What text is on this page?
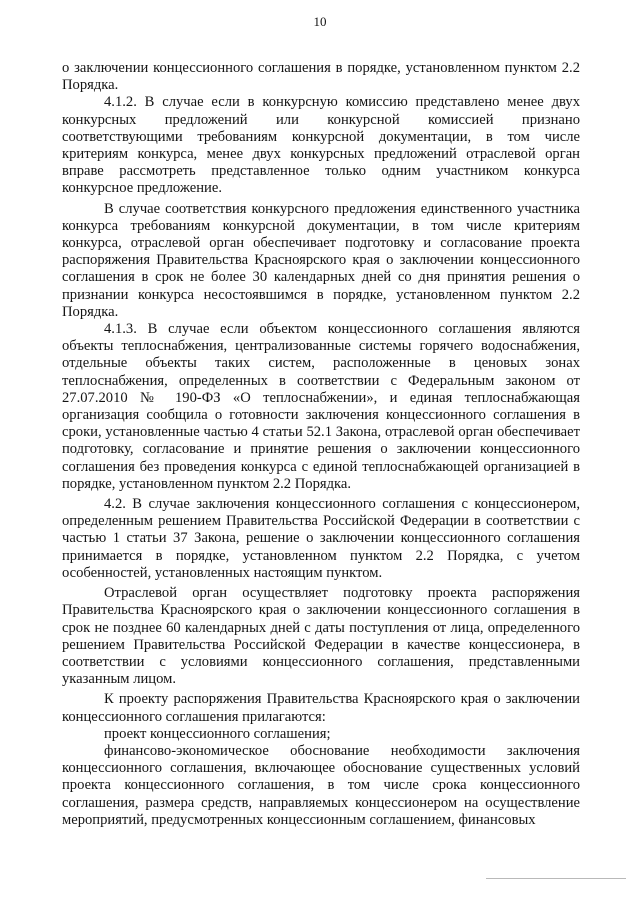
10

о заключении концессионного соглашения в порядке, установленном пунктом 2.2 Порядка.

4.1.2. В случае если в конкурсную комиссию представлено менее двух конкурсных предложений или конкурсной комиссией признано соответствующими требованиям конкурсной документации, в том числе критериям конкурса, менее двух конкурсных предложений отраслевой орган вправе рассмотреть представленное только одним участником конкурса конкурсное предложение.

В случае соответствия конкурсного предложения единственного участника конкурса требованиям конкурсной документации, в том числе критериям конкурса, отраслевой орган обеспечивает подготовку и согласование проекта распоряжения Правительства Красноярского края о заключении концессионного соглашения в срок не более 30 календарных дней со дня принятия решения о признании конкурса несостоявшимся в порядке, установленном пунктом 2.2 Порядка.

4.1.3. В случае если объектом концессионного соглашения являются объекты теплоснабжения, централизованные системы горячего водоснабжения, отдельные объекты таких систем, расположенные в ценовых зонах теплоснабжения, определенных в соответствии с Федеральным законом от 27.07.2010 № 190-ФЗ «О теплоснабжении», и единая теплоснабжающая организация сообщила о готовности заключения концессионного соглашения в сроки, установленные частью 4 статьи 52.1 Закона, отраслевой орган обеспечивает подготовку, согласование и принятие решения о заключении концессионного соглашения без проведения конкурса с единой теплоснабжающей организацией в порядке, установленном пунктом 2.2 Порядка.

4.2. В случае заключения концессионного соглашения с концессионером, определенным решением Правительства Российской Федерации в соответствии с частью 1 статьи 37 Закона, решение о заключении концессионного соглашения принимается в порядке, установленном пунктом 2.2 Порядка, с учетом особенностей, установленных настоящим пунктом.

Отраслевой орган осуществляет подготовку проекта распоряжения Правительства Красноярского края о заключении концессионного соглашения в срок не позднее 60 календарных дней с даты поступления от лица, определенного решением Правительства Российской Федерации в качестве концессионера, в соответствии с условиями концессионного соглашения, представленными указанным лицом.

К проекту распоряжения Правительства Красноярского края о заключении концессионного соглашения прилагаются:

проект концессионного соглашения;

финансово-экономическое обоснование необходимости заключения концессионного соглашения, включающее обоснование существенных условий проекта концессионного соглашения, в том числе срока концессионного соглашения, размера средств, направляемых концессионером на осуществление мероприятий, предусмотренных концессионным соглашением, финансовых
